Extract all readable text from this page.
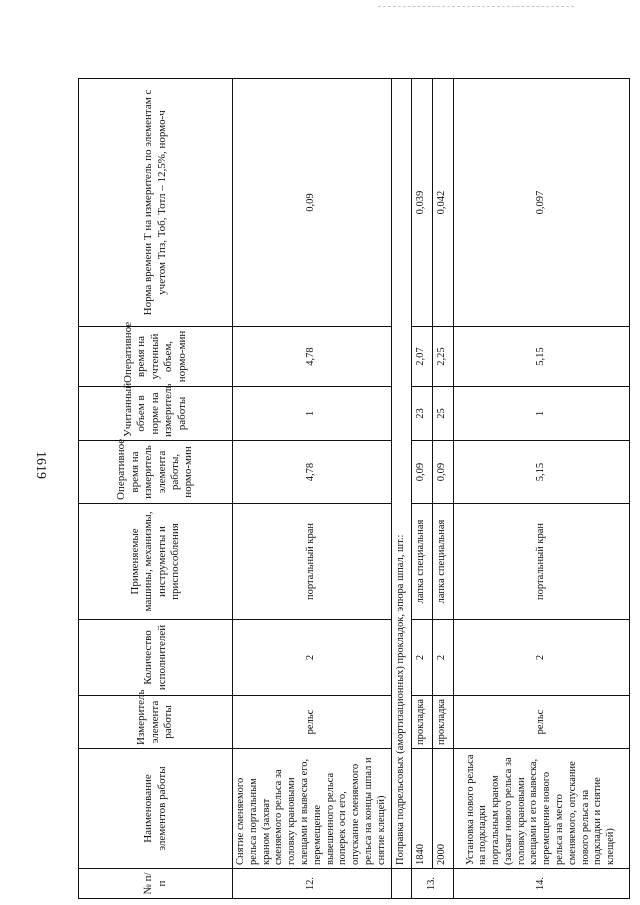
1619
№ п/п	Наименование элементов работы	Измеритель элемента работы	Количество исполнителей	Применяемые машины, механизмы, инструменты и приспособления	Оперативное время на измеритель элемента работы, нормо-мин	Учитанный объем в норме на измеритель работы	Оперативное время на учтенный объем, нормо-мин	Норма времени Т на измеритель по элементам с учетом Тпз, Тоб, Тотл – 12,5%, нормо-ч
12.	Снятие сменяемого рельса портальным краном (захват сменяемого рельса за головку крановыми клещами и вывеска его, перемещение вывешенного рельса поперек оси его, опускание сменяемого рельса на концы шпал и снятие клещей)	рельс	2	портальный кран	4,78	1	4,78	0,09
	Поправка подрельсовых (амортизационных) прокладок, эпюра шпал, шт.:							
13.	1840	прокладка	2	лапка специальная	0,09	23	2,07	0,039
	2000	прокладка	2	лапка специальная	0,09	25	2,25	0,042
14.	Установка нового рельса на подкладки портальным краном (захват нового рельса за головку крановыми клещами и его вывеска, перемещение нового рельса на место сменяемого, опускание нового рельса на подкладки и снятие клещей)	рельс	2	портальный кран	5,15	1	5,15	0,097
